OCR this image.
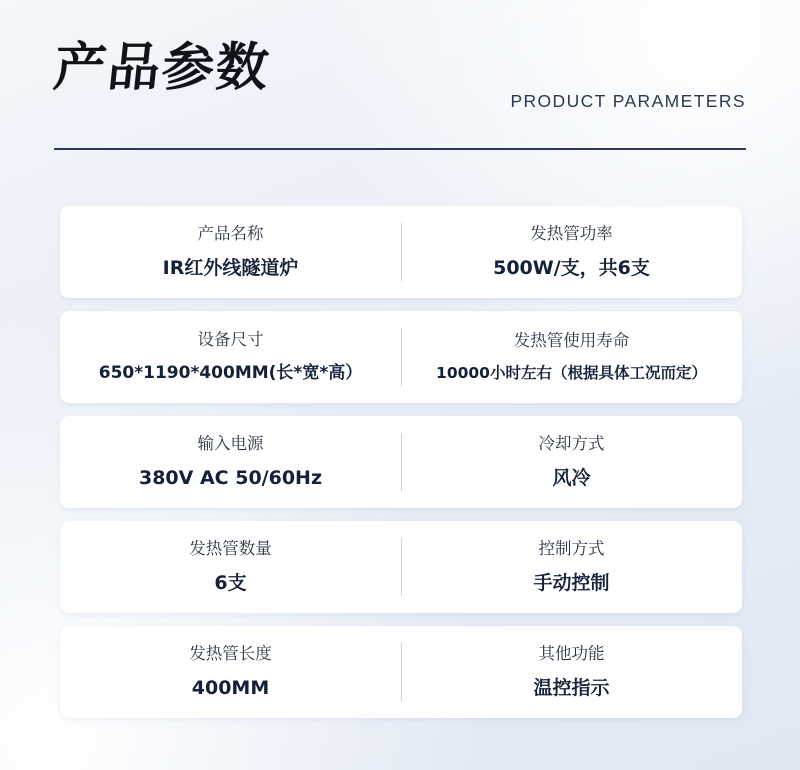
产品参数
PRODUCT PARAMETERS
产品名称
IR红外线隧道炉
发热管功率
500W/支，共6支
设备尺寸
650*1190*400MM(长*宽*高）
发热管使用寿命
10000小时左右（根据具体工况而定）
输入电源
380V AC 50/60Hz
冷却方式
风冷
发热管数量
6支
控制方式
手动控制
发热管长度
400MM
其他功能
温控指示
